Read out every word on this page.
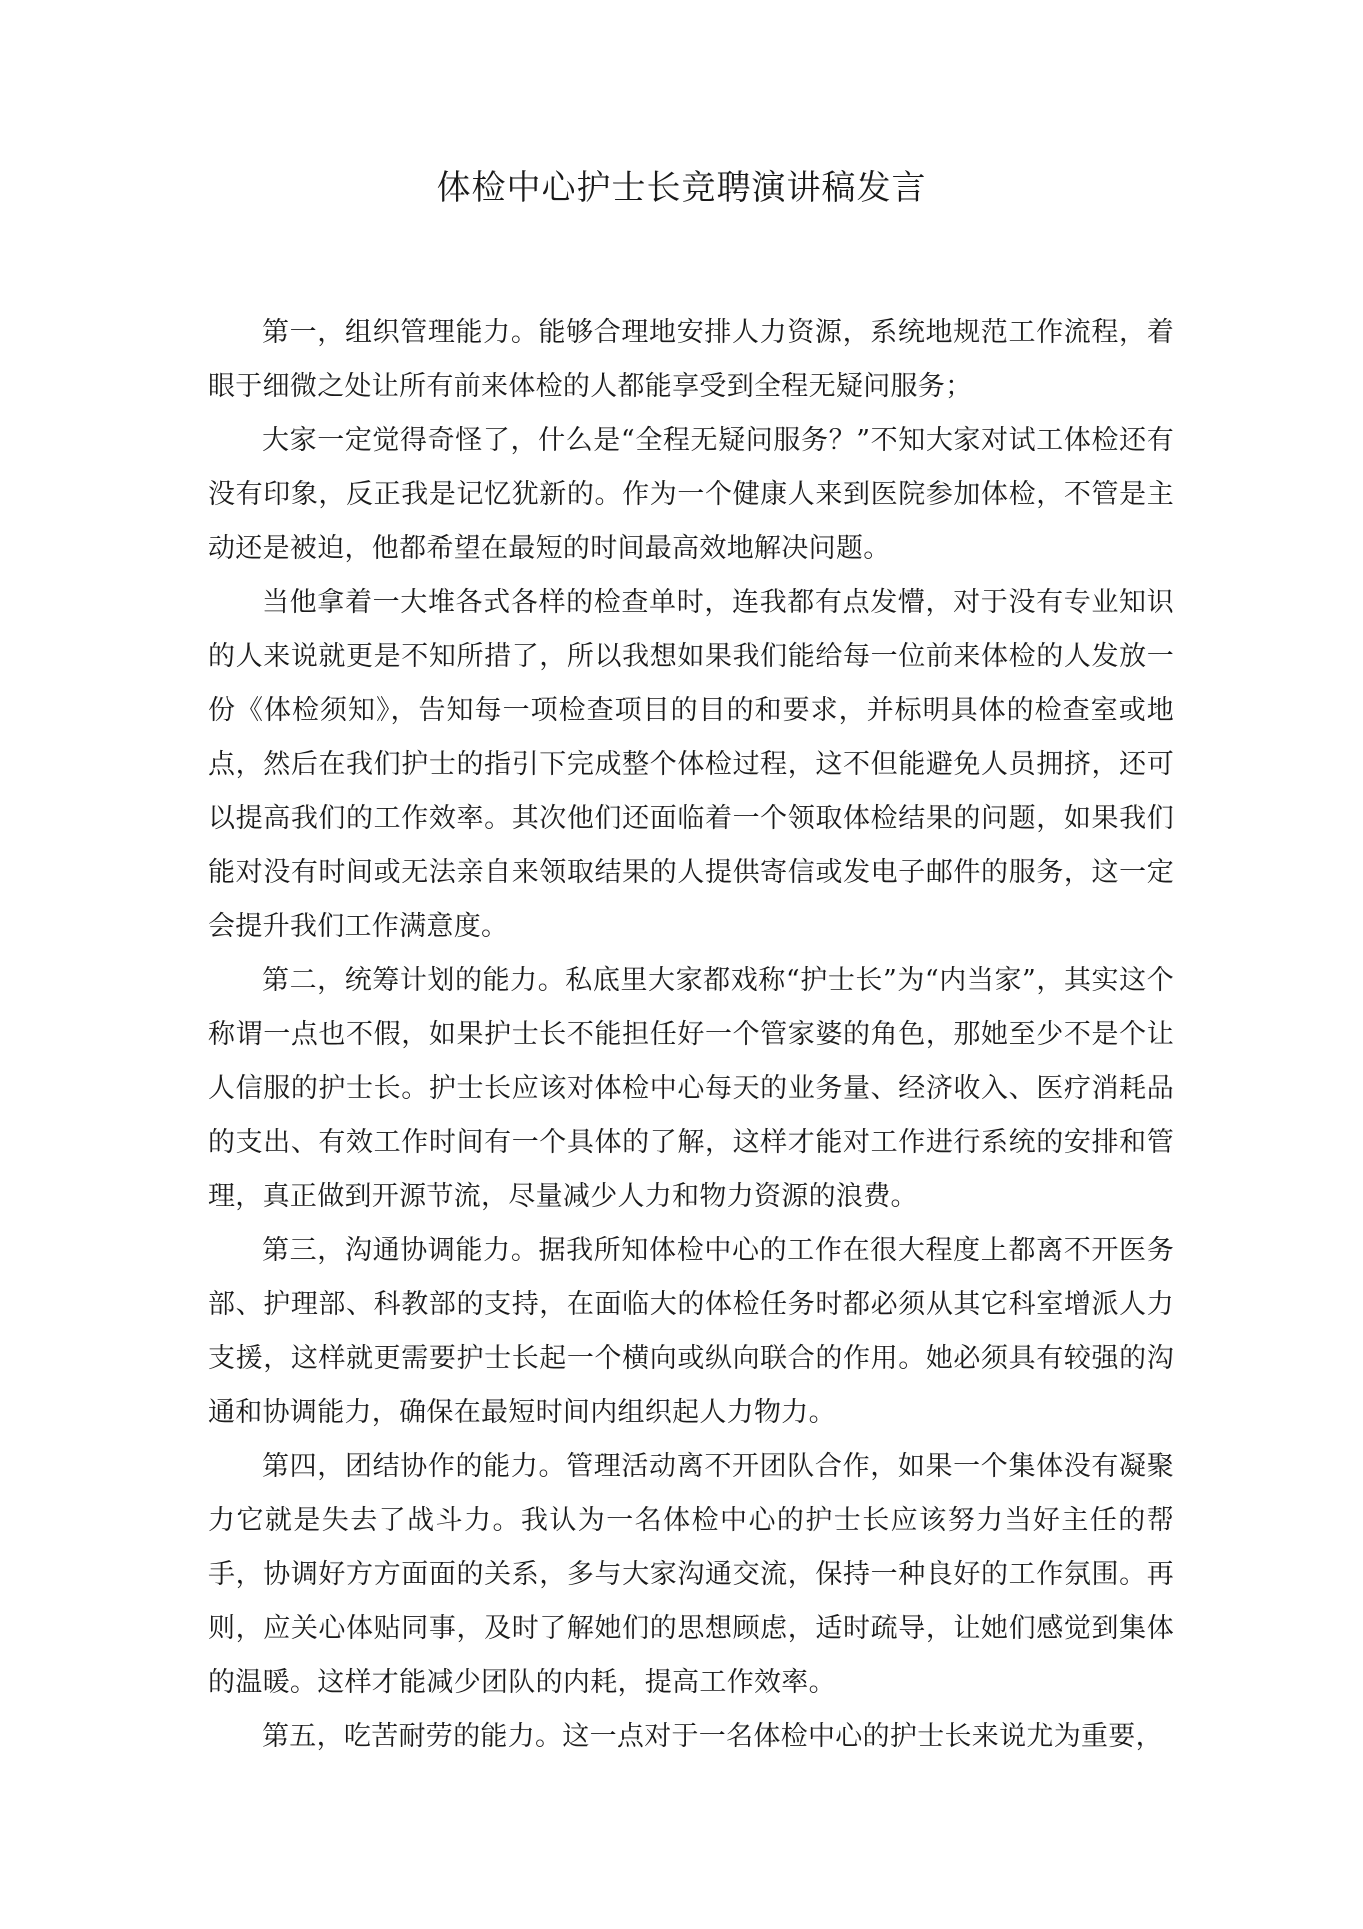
体检中心护士长竞聘演讲稿发言

第一，组织管理能力。能够合理地安排人力资源，系统地规范工作流程，着眼于细微之处让所有前来体检的人都能享受到全程无疑问服务；

大家一定觉得奇怪了，什么是“全程无疑问服务？”不知大家对试工体检还有没有印象，反正我是记忆犹新的。作为一个健康人来到医院参加体检，不管是主动还是被迫，他都希望在最短的时间最高效地解决问题。

当他拿着一大堆各式各样的检查单时，连我都有点发懵，对于没有专业知识的人来说就更是不知所措了，所以我想如果我们能给每一位前来体检的人发放一份《体检须知》，告知每一项检查项目的目的和要求，并标明具体的检查室或地点，然后在我们护士的指引下完成整个体检过程，这不但能避免人员拥挤，还可以提高我们的工作效率。其次他们还面临着一个领取体检结果的问题，如果我们能对没有时间或无法亲自来领取结果的人提供寄信或发电子邮件的服务，这一定会提升我们工作满意度。

第二，统筹计划的能力。私底里大家都戏称“护士长”为“内当家”，其实这个称谓一点也不假，如果护士长不能担任好一个管家婆的角色，那她至少不是个让人信服的护士长。护士长应该对体检中心每天的业务量、经济收入、医疗消耗品的支出、有效工作时间有一个具体的了解，这样才能对工作进行系统的安排和管理，真正做到开源节流，尽量减少人力和物力资源的浪费。

第三，沟通协调能力。据我所知体检中心的工作在很大程度上都离不开医务部、护理部、科教部的支持，在面临大的体检任务时都必须从其它科室增派人力支援，这样就更需要护士长起一个横向或纵向联合的作用。她必须具有较强的沟通和协调能力，确保在最短时间内组织起人力物力。

第四，团结协作的能力。管理活动离不开团队合作，如果一个集体没有凝聚力它就是失去了战斗力。我认为一名体检中心的护士长应该努力当好主任的帮手，协调好方方面面的关系，多与大家沟通交流，保持一种良好的工作氛围。再则，应关心体贴同事，及时了解她们的思想顾虑，适时疏导，让她们感觉到集体的温暖。这样才能减少团队的内耗，提高工作效率。

第五，吃苦耐劳的能力。这一点对于一名体检中心的护士长来说尤为重要，
